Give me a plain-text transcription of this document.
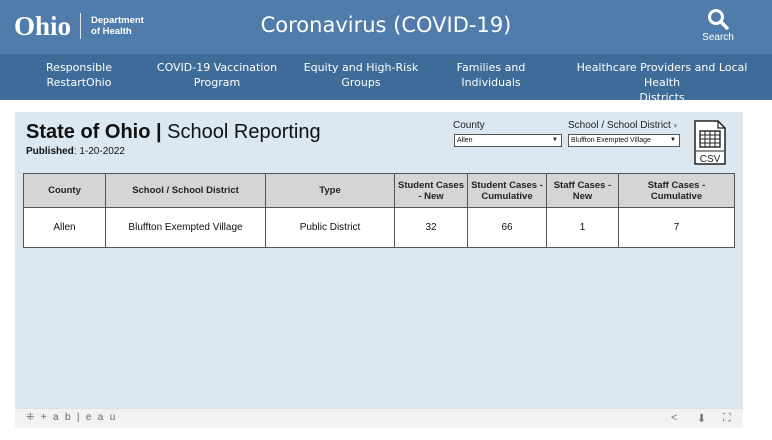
Ohio Department
of Health	Coronavirus (COVID-19)
Search
Responsible
RestartOhio
COVID-19 Vaccination
Program
Equity and High-Risk
Groups
Families and
Individuals
Healthcare Providers and Local Health
Districts
State of Ohio | School Reporting
Published: 1-20-2022
County
Allen	▼
School / School District ▾
Bluffton Exempted Village	▼
CSV
County	School / School District	Type	Student Cases - New	Student Cases - Cumulative	Staff Cases - New	Staff Cases - Cumulative
Allen	Bluffton Exempted Village	Public District	32	66	1	7
⁜ + a b | e a u	< ⬇ ⛶
